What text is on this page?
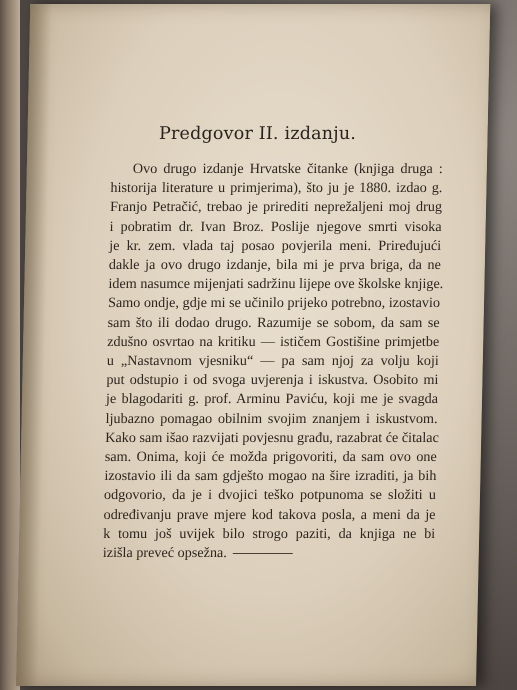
Predgovor II. izdanju.
Ovo drugo izdanje Hrvatske čitanke (knjiga druga :
historija literature u primjerima), što ju je 1880. izdao g.
Franjo Petračić, trebao je prirediti neprežaljeni moj drug
i pobratim dr. Ivan Broz. Poslije njegove smrti visoka
je kr. zem. vlada taj posao povjerila meni. Priređujući
dakle ja ovo drugo izdanje, bila mi je prva briga, da ne
idem nasumce mijenjati sadržinu lijepe ove školske knjige.
Samo ondje, gdje mi se učinilo prijeko potrebno, izostavio
sam što ili dodao drugo. Razumije se sobom, da sam se
zdušno osvrtao na kritiku — ističem Gostišine primjetbe
u „Nastavnom vjesniku“ — pa sam njoj za volju koji
put odstupio i od svoga uvjerenja i iskustva. Osobito mi
je blagodariti g. prof. Arminu Paviću, koji me je svagda
ljubazno pomagao obilnim svojim znanjem i iskustvom.
Kako sam išao razvijati povjesnu građu, razabrat će čitalac
sam. Onima, koji će možda prigovoriti, da sam ovo one
izostavio ili da sam gdješto mogao na šire izraditi, ja bih
odgovorio, da je i dvojici teško potpunoma se složiti u
određivanju prave mjere kod takova posla, a meni da je
k tomu još uvijek bilo strogo paziti, da knjiga ne bi
izišla preveć opsežna.
